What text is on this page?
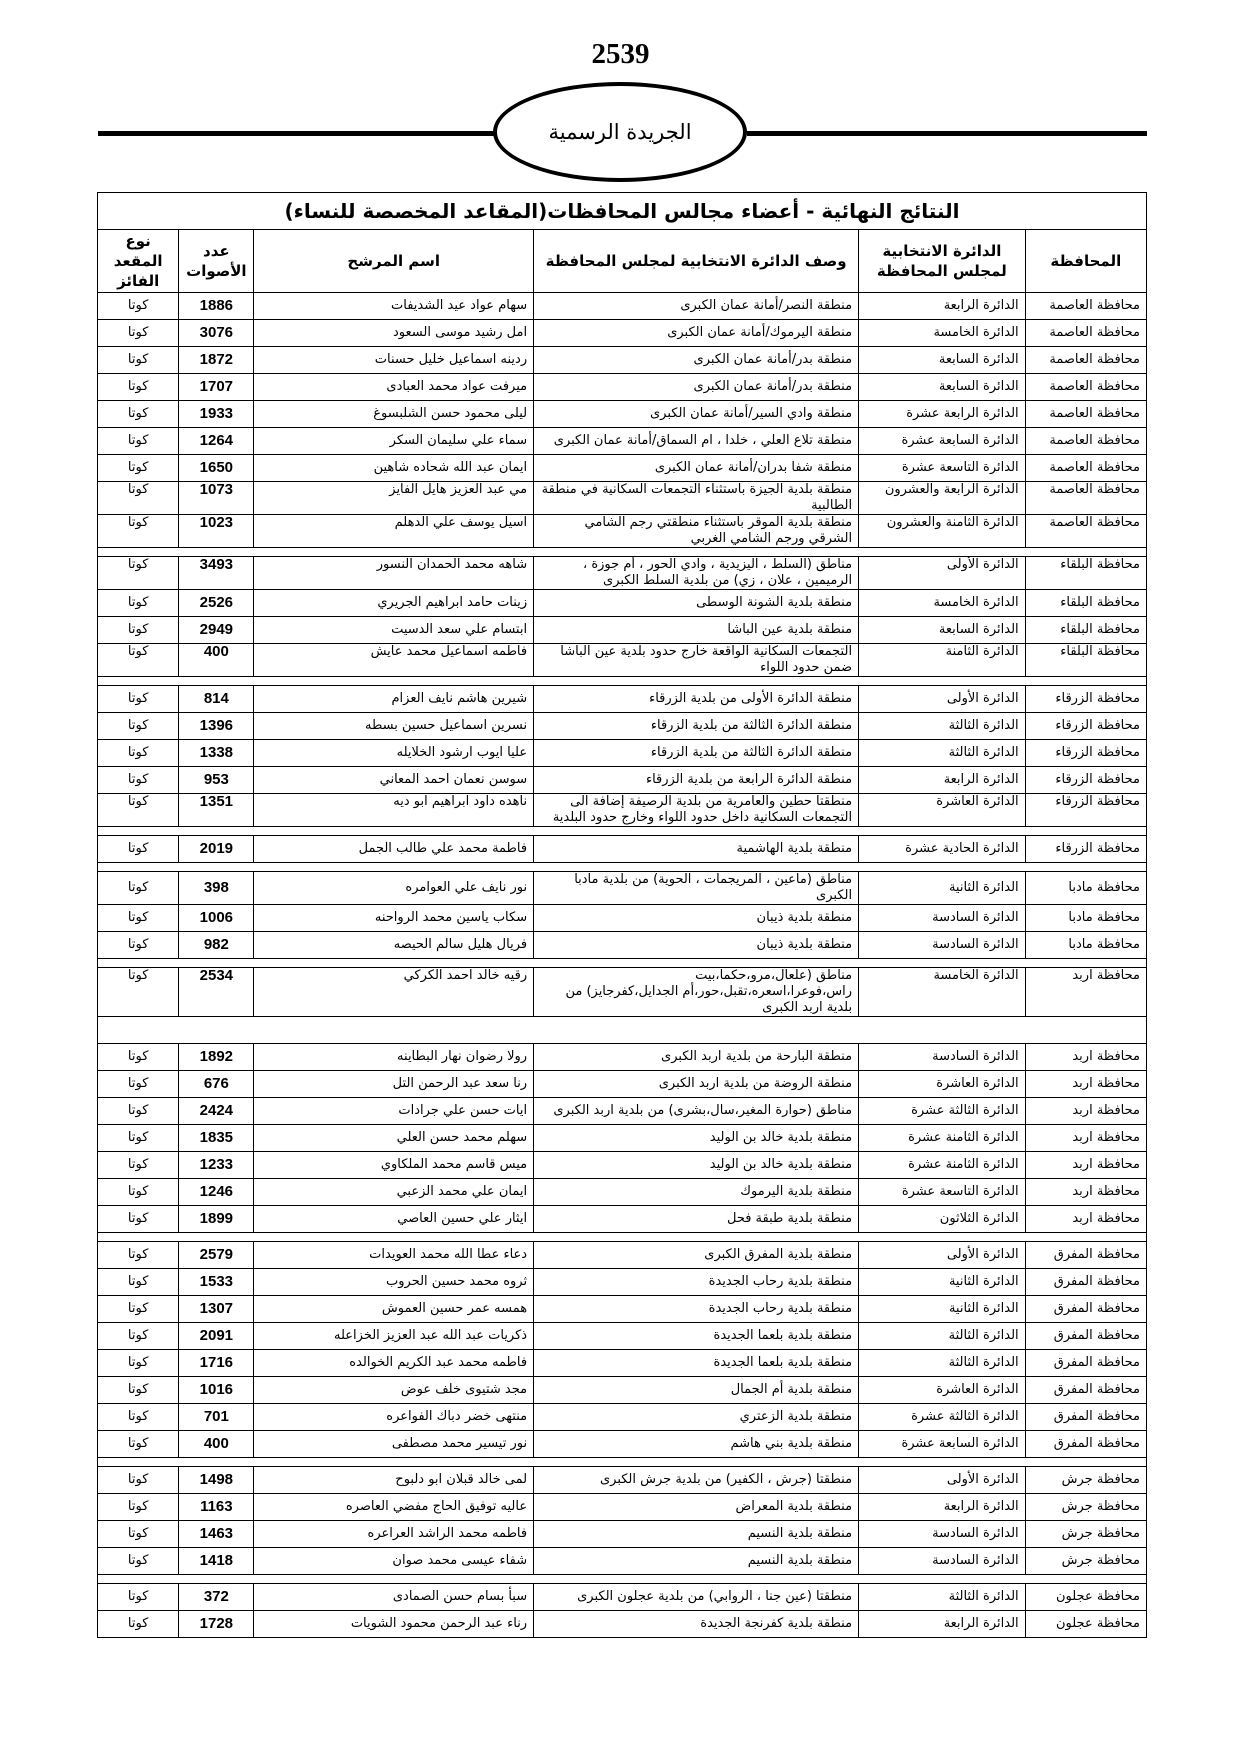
2539
الجريدة الرسمية
النتائج النهائية - أعضاء مجالس المحافظات(المقاعد المخصصة للنساء)					
المحافظة	الدائرة الانتخابية لمجلس المحافظة	وصف الدائرة الانتخابية لمجلس المحافظة	اسم المرشح	عدد الأصوات	نوع المقعد الفائز
محافظة العاصمة	الدائرة الرابعة	منطقة النصر/أمانة عمان الكبرى	سهام عواد عيد الشديفات	1886	كوتا
محافظة العاصمة	الدائرة الخامسة	منطقة اليرموك/أمانة عمان الكبرى	امل رشيد موسى السعود	3076	كوتا
محافظة العاصمة	الدائرة السابعة	منطقة بدر/أمانة عمان الكبرى	ردينه اسماعيل خليل حسنات	1872	كوتا
محافظة العاصمة	الدائرة السابعة	منطقة بدر/أمانة عمان الكبرى	ميرفت عواد محمد العبادى	1707	كوتا
محافظة العاصمة	الدائرة الرابعة عشرة	منطقة وادي السير/أمانة عمان الكبرى	ليلى محمود حسن الشلبسوغ	1933	كوتا
محافظة العاصمة	الدائرة السابعة عشرة	منطقة تلاع العلي ، خلدا ، ام السماق/أمانة عمان الكبرى	سماء علي سليمان السكر	1264	كوتا
محافظة العاصمة	الدائرة التاسعة عشرة	منطقة شفا بدران/أمانة عمان الكبرى	ايمان عبد الله شحاده شاهين	1650	كوتا
محافظة العاصمة	الدائرة الرابعة والعشرون	منطقة بلدية الجيزة باستثناء التجمعات السكانية في منطقة الطالبية	مي عبد العزيز هايل الفايز	1073	كوتا
محافظة العاصمة	الدائرة الثامنة والعشرون	منطقة بلدية الموقر باستثناء منطقتي رجم الشامي الشرقي ورجم الشامي الغربي	اسيل يوسف علي الدهلم	1023	كوتا

محافظة البلقاء	الدائرة الأولى	مناطق (السلط ، اليزيدية ، وادي الحور ، أم جوزة ، الرميمين ، علان ، زي) من بلدية السلط الكبرى	شاهه محمد الحمدان النسور	3493	كوتا
محافظة البلقاء	الدائرة الخامسة	منطقة بلدية الشونة الوسطى	زينات حامد ابراهيم الجريري	2526	كوتا
محافظة البلقاء	الدائرة السابعة	منطقة بلدية عين الباشا	ابتسام علي سعد الدسيت	2949	كوتا
محافظة البلقاء	الدائرة الثامنة	التجمعات السكانية الواقعة خارج حدود بلدية عين الباشا ضمن حدود اللواء	فاطمه اسماعيل محمد عايش	400	كوتا

محافظة الزرقاء	الدائرة الأولى	منطقة الدائرة الأولى من بلدية الزرقاء	شيرين هاشم نايف العزام	814	كوتا
محافظة الزرقاء	الدائرة الثالثة	منطقة الدائرة الثالثة من بلدية الزرقاء	نسرين اسماعيل حسين بسطه	1396	كوتا
محافظة الزرقاء	الدائرة الثالثة	منطقة الدائرة الثالثة من بلدية الزرقاء	عليا ايوب ارشود الخلايله	1338	كوتا
محافظة الزرقاء	الدائرة الرابعة	منطقة الدائرة الرابعة من بلدية الزرقاء	سوسن نعمان احمد المعاني	953	كوتا
محافظة الزرقاء	الدائرة العاشرة	منطقتا حطين والعامرية من بلدية الرصيفة إضافة الى التجمعات السكانية داخل حدود اللواء وخارج حدود البلدية	ناهده داود ابراهيم ابو ديه	1351	كوتا

محافظة الزرقاء	الدائرة الحادية عشرة	منطقة بلدية الهاشمية	فاطمة محمد علي طالب الجمل	2019	كوتا

محافظة مادبا	الدائرة الثانية	مناطق (ماعين ، المريجمات ، الحوية) من بلدية مادبا الكبرى	نور نايف علي العوامره	398	كوتا
محافظة مادبا	الدائرة السادسة	منطقة بلدية ذيبان	سكاب ياسين محمد الرواحنه	1006	كوتا
محافظة مادبا	الدائرة السادسة	منطقة بلدية ذيبان	فريال هليل سالم الحيصه	982	كوتا

محافظة اربد	الدائرة الخامسة	مناطق (علعال،مرو،حكما،بيت راس،فوعرا،اسعره،تقبل،حور،أم الجدايل،كفرجايز) من بلدية اربد الكبرى	رقيه خالد احمد الكركي	2534	كوتا

محافظة اربد	الدائرة السادسة	منطقة البارحة من بلدية اربد الكبرى	رولا رضوان نهار البطاينه	1892	كوتا
محافظة اربد	الدائرة العاشرة	منطقة الروضة من بلدية اربد الكبرى	رنا سعد عبد الرحمن التل	676	كوتا
محافظة اربد	الدائرة الثالثة عشرة	مناطق (حوارة المغير،سال،بشرى) من بلدية اربد الكبرى	ايات حسن علي جرادات	2424	كوتا
محافظة اربد	الدائرة الثامنة عشرة	منطقة بلدية خالد بن الوليد	سهلم محمد حسن العلي	1835	كوتا
محافظة اربد	الدائرة الثامنة عشرة	منطقة بلدية خالد بن الوليد	ميس قاسم محمد الملكاوي	1233	كوتا
محافظة اربد	الدائرة التاسعة عشرة	منطقة بلدية اليرموك	ايمان علي محمد الزعبي	1246	كوتا
محافظة اربد	الدائرة الثلاثون	منطقة بلدية طبقة فحل	ايثار علي حسين العاصي	1899	كوتا

محافظة المفرق	الدائرة الأولى	منطقة بلدية المفرق الكبرى	دعاء عطا الله محمد العويدات	2579	كوتا
محافظة المفرق	الدائرة الثانية	منطقة بلدية رحاب الجديدة	ثروه محمد حسين الحروب	1533	كوتا
محافظة المفرق	الدائرة الثانية	منطقة بلدية رحاب الجديدة	همسه عمر حسين العموش	1307	كوتا
محافظة المفرق	الدائرة الثالثة	منطقة بلدية بلعما الجديدة	ذكريات عبد الله عبد العزيز الخزاعله	2091	كوتا
محافظة المفرق	الدائرة الثالثة	منطقة بلدية بلعما الجديدة	فاطمه محمد عبد الكريم الخوالده	1716	كوتا
محافظة المفرق	الدائرة العاشرة	منطقة بلدية أم الجمال	مجد شتيوى خلف عوض	1016	كوتا
محافظة المفرق	الدائرة الثالثة عشرة	منطقة بلدية الزعتري	منتهى خضر دباك الفواعره	701	كوتا
محافظة المفرق	الدائرة السابعة عشرة	منطقة بلدية بني هاشم	نور تيسير محمد مصطفى	400	كوتا

محافظة جرش	الدائرة الأولى	منطقتا (جرش ، الكفير) من بلدية جرش الكبرى	لمى خالد قبلان ابو دلبوح	1498	كوتا
محافظة جرش	الدائرة الرابعة	منطقة بلدية المعراض	عاليه توفيق الحاج مفضي العاصره	1163	كوتا
محافظة جرش	الدائرة السادسة	منطقة بلدية النسيم	فاطمه محمد الراشد العراعره	1463	كوتا
محافظة جرش	الدائرة السادسة	منطقة بلدية النسيم	شفاء عيسى محمد صوان	1418	كوتا

محافظة عجلون	الدائرة الثالثة	منطقتا (عين جنا ، الروابي) من بلدية عجلون الكبرى	سبأ بسام حسن الصمادى	372	كوتا
محافظة عجلون	الدائرة الرابعة	منطقة بلدية كفرنجة الجديدة	رناء عبد الرحمن محمود الشويات	1728	كوتا
